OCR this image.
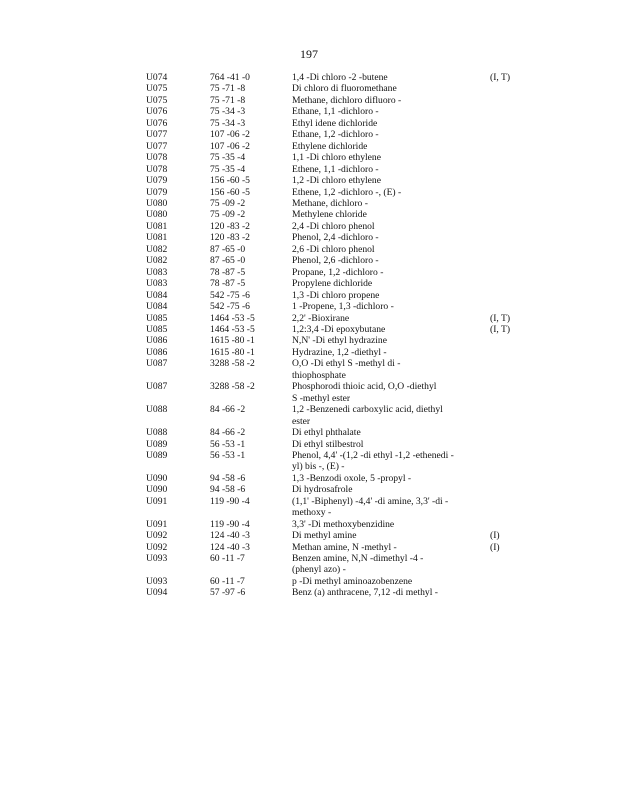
197
U074	764 -41 -0	1,4 -Di chloro -2 -butene	(I, T)
U075	75 -71 -8	Di chloro di fluoromethane
U075	75 -71 -8	Methane, dichloro difluoro -
U076	75 -34 -3	Ethane, 1,1 -dichloro -
U076	75 -34 -3	Ethyl idene dichloride
U077	107 -06 -2	Ethane, 1,2 -dichloro -
U077	107 -06 -2	Ethylene dichloride
U078	75 -35 -4	1,1 -Di chloro ethylene
U078	75 -35 -4	Ethene, 1,1 -dichloro -
U079	156 -60 -5	1,2 -Di chloro ethylene
U079	156 -60 -5	Ethene, 1,2 -dichloro -, (E) -
U080	75 -09 -2	Methane, dichloro -
U080	75 -09 -2	Methylene chloride
U081	120 -83 -2	2,4 -Di chloro phenol
U081	120 -83 -2	Phenol, 2,4 -dichloro -
U082	87 -65 -0	2,6 -Di chloro phenol
U082	87 -65 -0	Phenol, 2,6 -dichloro -
U083	78 -87 -5	Propane, 1,2 -dichloro -
U083	78 -87 -5	Propylene dichloride
U084	542 -75 -6	1,3 -Di chloro propene
U084	542 -75 -6	1 -Propene, 1,3 -dichloro -
U085	1464 -53 -5	2,2' -Bioxirane	(I, T)
U085	1464 -53 -5	1,2:3,4 -Di epoxybutane	(I, T)
U086	1615 -80 -1	N,N' -Di ethyl hydrazine
U086	1615 -80 -1	Hydrazine, 1,2 -diethyl -
U087	3288 -58 -2	O,O -Di ethyl S -methyl di -
thiophosphate
U087	3288 -58 -2	Phosphorodi thioic acid, O,O -diethyl
S -methyl ester
U088	84 -66 -2	1,2 -Benzenedi carboxylic acid, diethyl
ester
U088	84 -66 -2	Di ethyl phthalate
U089	56 -53 -1	Di ethyl stilbestrol
U089	56 -53 -1	Phenol, 4,4' -(1,2 -di ethyl -1,2 -ethenedi -
yl) bis -, (E) -
U090	94 -58 -6	1,3 -Benzodi oxole, 5 -propyl -
U090	94 -58 -6	Di hydrosafrole
U091	119 -90 -4	(1,1' -Biphenyl) -4,4' -di amine, 3,3' -di -
methoxy -
U091	119 -90 -4	3,3' -Di methoxybenzidine
U092	124 -40 -3	Di methyl amine	(I)
U092	124 -40 -3	Methan amine, N -methyl -	(I)
U093	60 -11 -7	Benzen amine, N,N -dimethyl -4 -
(phenyl azo) -
U093	60 -11 -7	p -Di methyl aminoazobenzene
U094	57 -97 -6	Benz (a) anthracene, 7,12 -di methyl -
